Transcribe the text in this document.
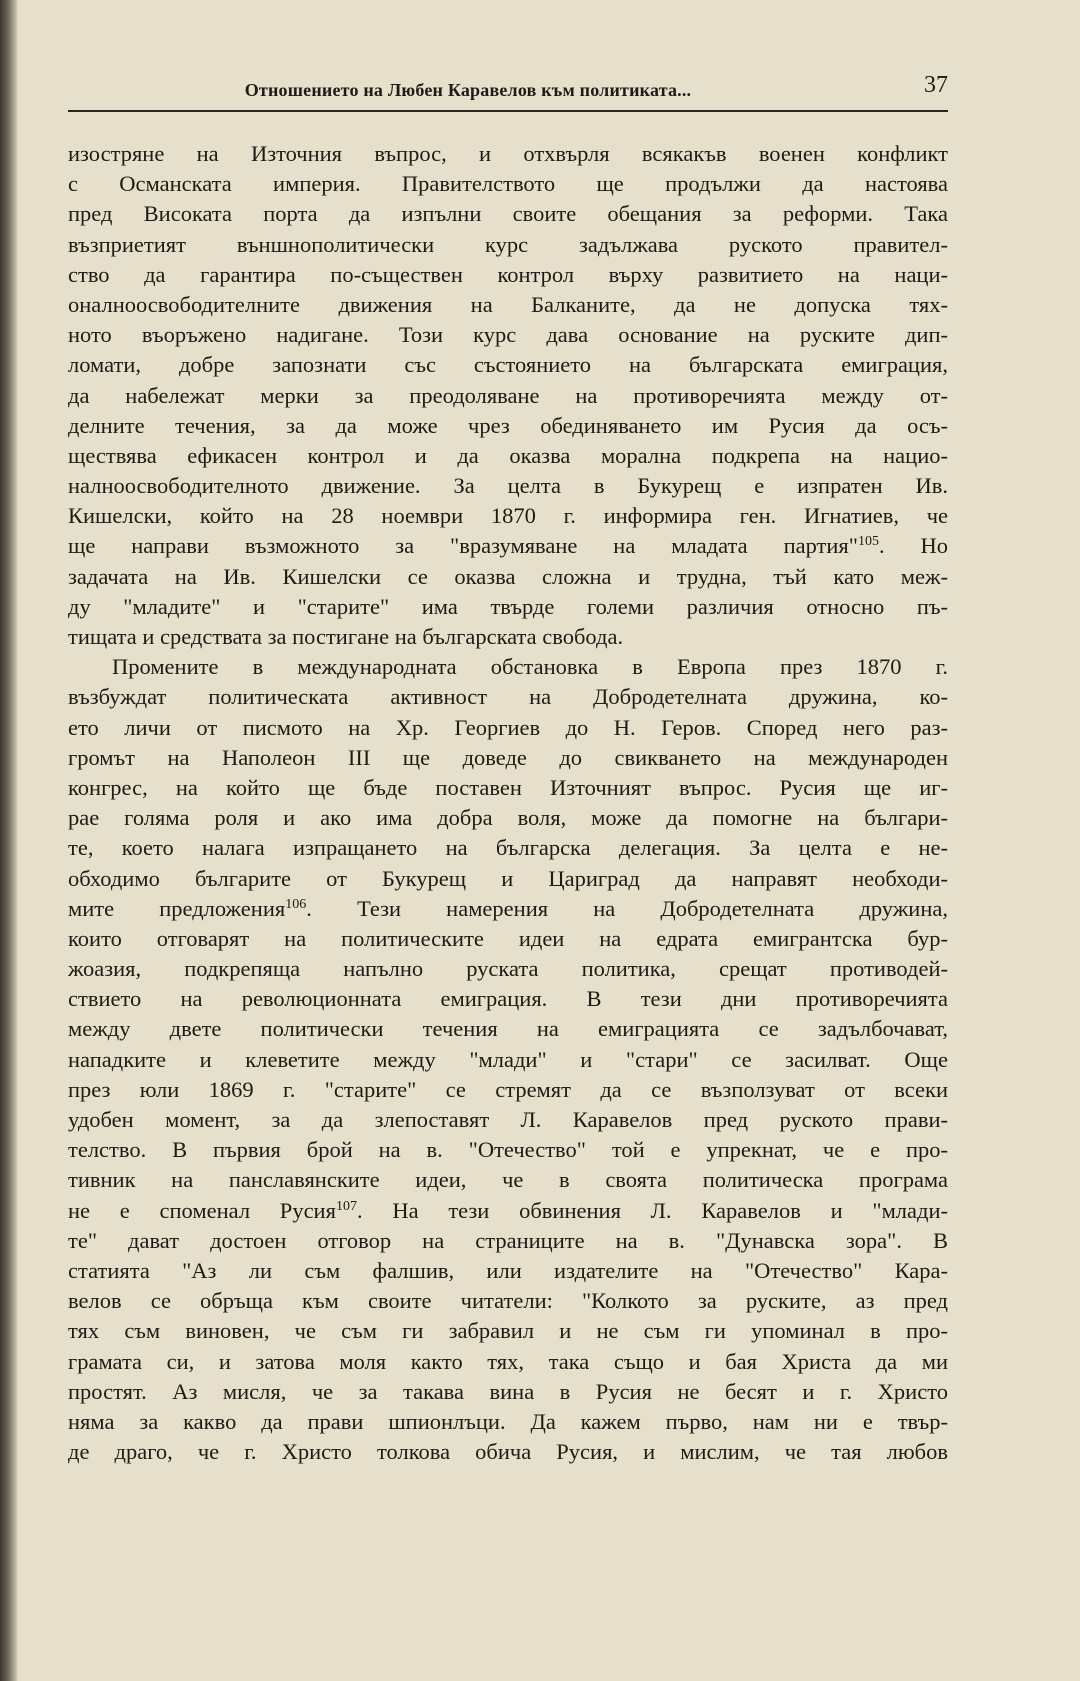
Отношението на Любен Каравелов към политиката...	37
изостряне на Източния въпрос, и отхвърля всякакъв военен конфликт
с Османската империя. Правителството ще продължи да настоява
пред Високата порта да изпълни своите обещания за реформи. Така
възприетият външнополитически курс задължава руското правител-
ство да гарантира по-съществен контрол върху развитието на наци-
оналноосвободителните движения на Балканите, да не допуска тях-
ното въоръжено надигане. Този курс дава основание на руските дип-
ломати, добре запознати със състоянието на българската емиграция,
да набележат мерки за преодоляване на противоречията между от-
делните течения, за да може чрез обединяването им Русия да осъ-
ществява ефикасен контрол и да оказва морална подкрепа на нацио-
налноосвободителното движение. За целта в Букурещ е изпратен Ив.
Кишелски, който на 28 ноември 1870 г. информира ген. Игнатиев, че
ще направи възможното за "вразумяване на младата партия"$^{105}$. Но
задачата на Ив. Кишелски се оказва сложна и трудна, тъй като меж-
ду "младите" и "старите" има твърде големи различия относно пъ-
тищата и средствата за постигане на българската свобода.
Промените в международната обстановка в Европа през 1870 г.
възбуждат политическата активност на Добродетелната дружина, ко-
ето личи от писмото на Хр. Георгиев до Н. Геров. Според него раз-
громът на Наполеон III ще доведе до свикването на международен
конгрес, на който ще бъде поставен Източният въпрос. Русия ще иг-
рае голяма роля и ако има добра воля, може да помогне на българи-
те, което налага изпращането на българска делегация. За целта е не-
обходимо българите от Букурещ и Цариград да направят необходи-
мите предложения$^{106}$. Тези намерения на Добродетелната дружина,
които отговарят на политическите идеи на едрата емигрантска бур-
жоазия, подкрепяща напълно руската политика, срещат противодей-
ствието на революционната емиграция. В тези дни противоречията
между двете политически течения на емиграцията се задълбочават,
нападките и клеветите между "млади" и "стари" се засилват. Още
през юли 1869 г. "старите" се стремят да се възползуват от всеки
удобен момент, за да злепоставят Л. Каравелов пред руското прави-
телство. В първия брой на в. "Отечество" той е упрекнат, че е про-
тивник на панславянските идеи, че в своята политическа програма
не е споменал Русия$^{107}$. На тези обвинения Л. Каравелов и "млади-
те" дават достоен отговор на страниците на в. "Дунавска зора". В
статията "Аз ли съм фалшив, или издателите на "Отечество" Кара-
велов се обръща към своите читатели: "Колкото за руските, аз пред
тях съм виновен, че съм ги забравил и не съм ги упоминал в про-
грамата си, и затова моля както тях, така също и бая Христа да ми
простят. Аз мисля, че за такава вина в Русия не бесят и г. Христо
няма за какво да прави шпионлъци. Да кажем първо, нам ни е твър-
де драго, че г. Христо толкова обича Русия, и мислим, че тая любов
